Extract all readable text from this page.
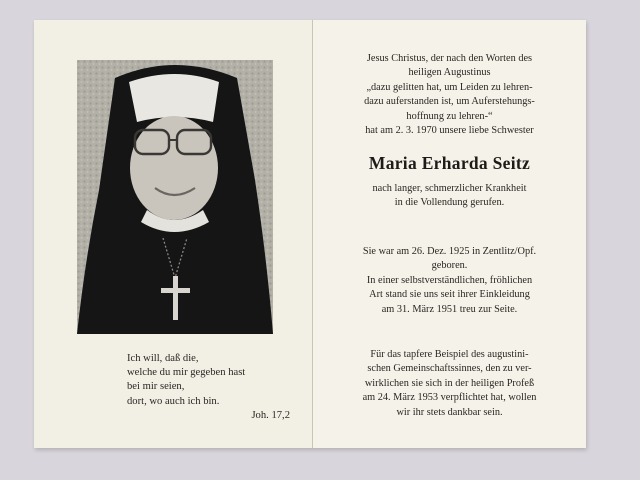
Ich will, daß die,
welche du mir gegeben hast
bei mir seien,
dort, wo auch ich bin.
Joh. 17,2
Jesus Christus, der nach den Worten des
heiligen Augustinus
„dazu gelitten hat, um Leiden zu lehren-
dazu auferstanden ist, um Auferstehungs-
hoffnung zu lehren-“
hat am 2. 3. 1970 unsere liebe Schwester
Maria Erharda Seitz
nach langer, schmerzlicher Krankheit
in die Vollendung gerufen.
Sie war am 26. Dez. 1925 in Zentlitz/Opf.
geboren.
In einer selbstverständlichen, fröhlichen
Art stand sie uns seit ihrer Einkleidung
am 31. März 1951 treu zur Seite.
Für das tapfere Beispiel des augustini-
schen Gemeinschaftssinnes, den zu ver-
wirklichen sie sich in der heiligen Profeß
am 24. März 1953 verpflichtet hat, wollen
wir ihr stets dankbar sein.
